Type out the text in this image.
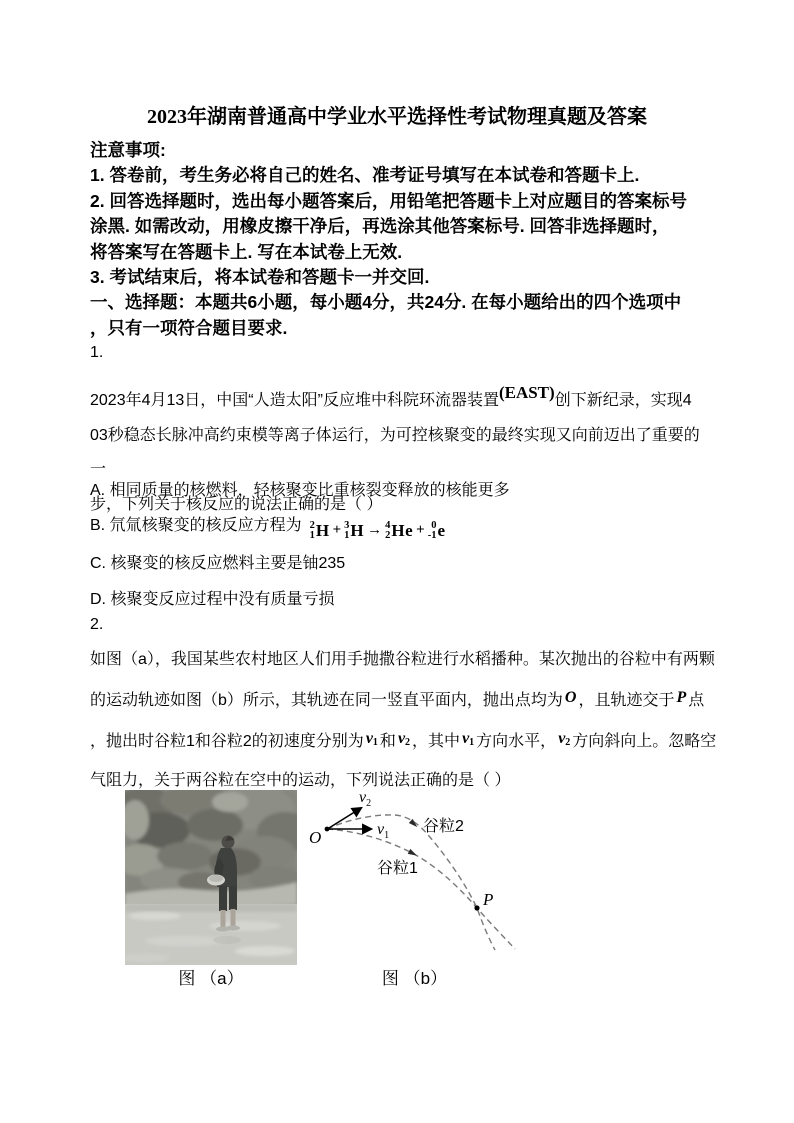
2023年湖南普通高中学业水平选择性考试物理真题及答案
注意事项:
1. 答卷前，考生务必将自己的姓名、准考证号填写在本试卷和答题卡上.
2. 回答选择题时，选出每小题答案后，用铅笔把答题卡上对应题目的答案标号
涂黑. 如需改动，用橡皮擦干净后，再选涂其他答案标号. 回答非选择题时，
将答案写在答题卡上. 写在本试卷上无效.
3. 考试结束后，将本试卷和答题卡一并交回.
一、选择题：本题共6小题，每小题4分，共24分. 在每小题给出的四个选项中
，只有一项符合题目要求.
1.
2023年4月13日，中国“人造太阳”反应堆中科院环流器装置(EAST)创下新纪录，实现4
03秒稳态长脉冲高约束模等离子体运行，为可控核聚变的最终实现又向前迈出了重要的一
步，下列关于核反应的说法正确的是（ ）
A. 相同质量的核燃料，轻核聚变比重核裂变释放的核能更多
B. 氘氚核聚变的核反应方程为 2
1 H + 3
1 H → 4
2 He + 0
-1 e
C. 核聚变的核反应燃料主要是铀235
D. 核聚变反应过程中没有质量亏损
2.
如图（a），我国某些农村地区人们用手抛撒谷粒进行水稻播种。某次抛出的谷粒中有两颗
的运动轨迹如图（b）所示，其轨迹在同一竖直平面内，抛出点均为 O ，且轨迹交于 P 点
，抛出时谷粒1和谷粒2的初速度分别为 v1 和 v2 ，其中 v1 方向水平， v2 方向斜向上。忽略空
气阻力，关于两谷粒在空中的运动，下列说法正确的是（ ）
O
P
$v_1$
$v_2$
谷粒2
谷粒1
图 （a）	图 （b）
